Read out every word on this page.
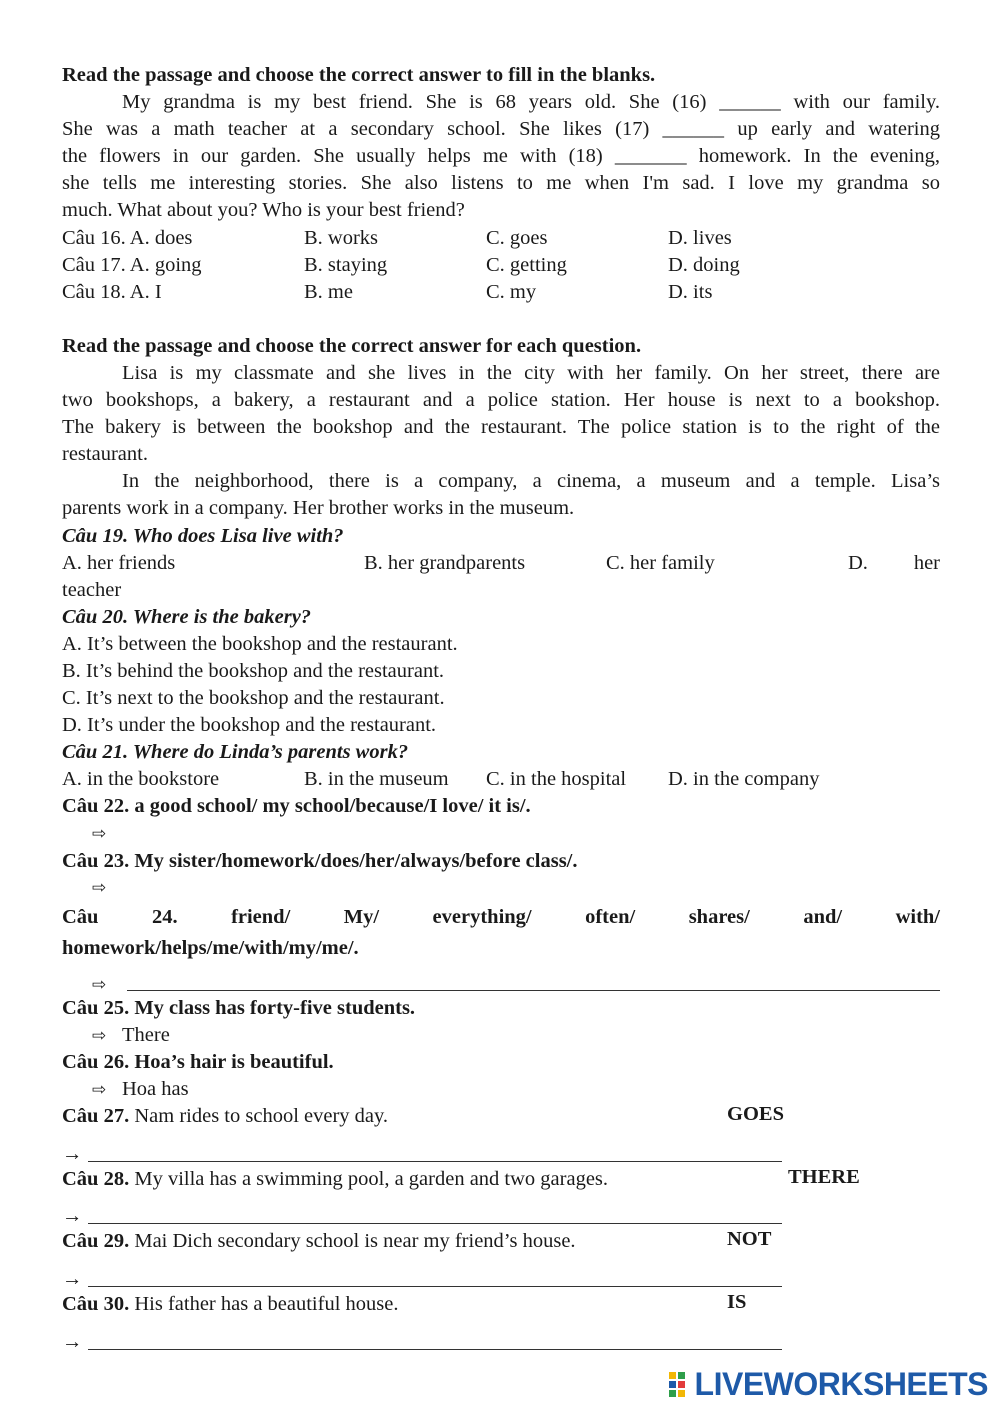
Read the passage and choose the correct answer to fill in the blanks.
My grandma is my best friend. She is 68 years old. She (16) ______ with our family.
She was a math teacher at a secondary school. She likes (17) ______ up early and watering
the flowers in our garden. She usually helps me with (18) _______ homework. In the evening,
she tells me interesting stories. She also listens to me when I'm sad. I love my grandma so
much. What about you? Who is your best friend?
Câu 16. A. does	B. works	C. goes	D. lives
Câu 17. A. going	B. staying	C. getting	D. doing
Câu 18. A. I	B. me	C. my	D. its
Read the passage and choose the correct answer for each question.
Lisa is my classmate and she lives in the city with her family. On her street, there are
two bookshops, a bakery, a restaurant and a police station. Her house is next to a bookshop.
The bakery is between the bookshop and the restaurant. The police station is to the right of the
restaurant.
In the neighborhood, there is a company, a cinema, a museum and a temple. Lisa’s
parents work in a company. Her brother works in the museum.
Câu 19. Who does Lisa live with?
A. her friends	B. her grandparents	C. her family	D.	her
teacher
Câu 20. Where is the bakery?
A. It’s between the bookshop and the restaurant.
B. It’s behind the bookshop and the restaurant.
C. It’s next to the bookshop and the restaurant.
D. It’s under the bookshop and the restaurant.
Câu 21. Where do Linda’s parents work?
A. in the bookstore	B. in the museum	C. in the hospital	D. in the company
Câu 22. a good school/ my school/because/I love/ it is/.
⇨
Câu 23. My sister/homework/does/her/always/before class/.
⇨
Câu	24.	friend/	My/	everything/	often/	shares/	and/	with/
homework/helps/me/with/my/me/.
⇨
Câu 25. My class has forty-five students.
⇨ There
Câu 26. Hoa’s hair is beautiful.
⇨ Hoa has
Câu 27. Nam rides to school every day.	GOES
→
Câu 28. My villa has a swimming pool, a garden and two garages.	THERE
→
Câu 29. Mai Dich secondary school is near my friend’s house.	NOT
→
Câu 30. His father has a beautiful house.	IS
→
LIVEWORKSHEETS
